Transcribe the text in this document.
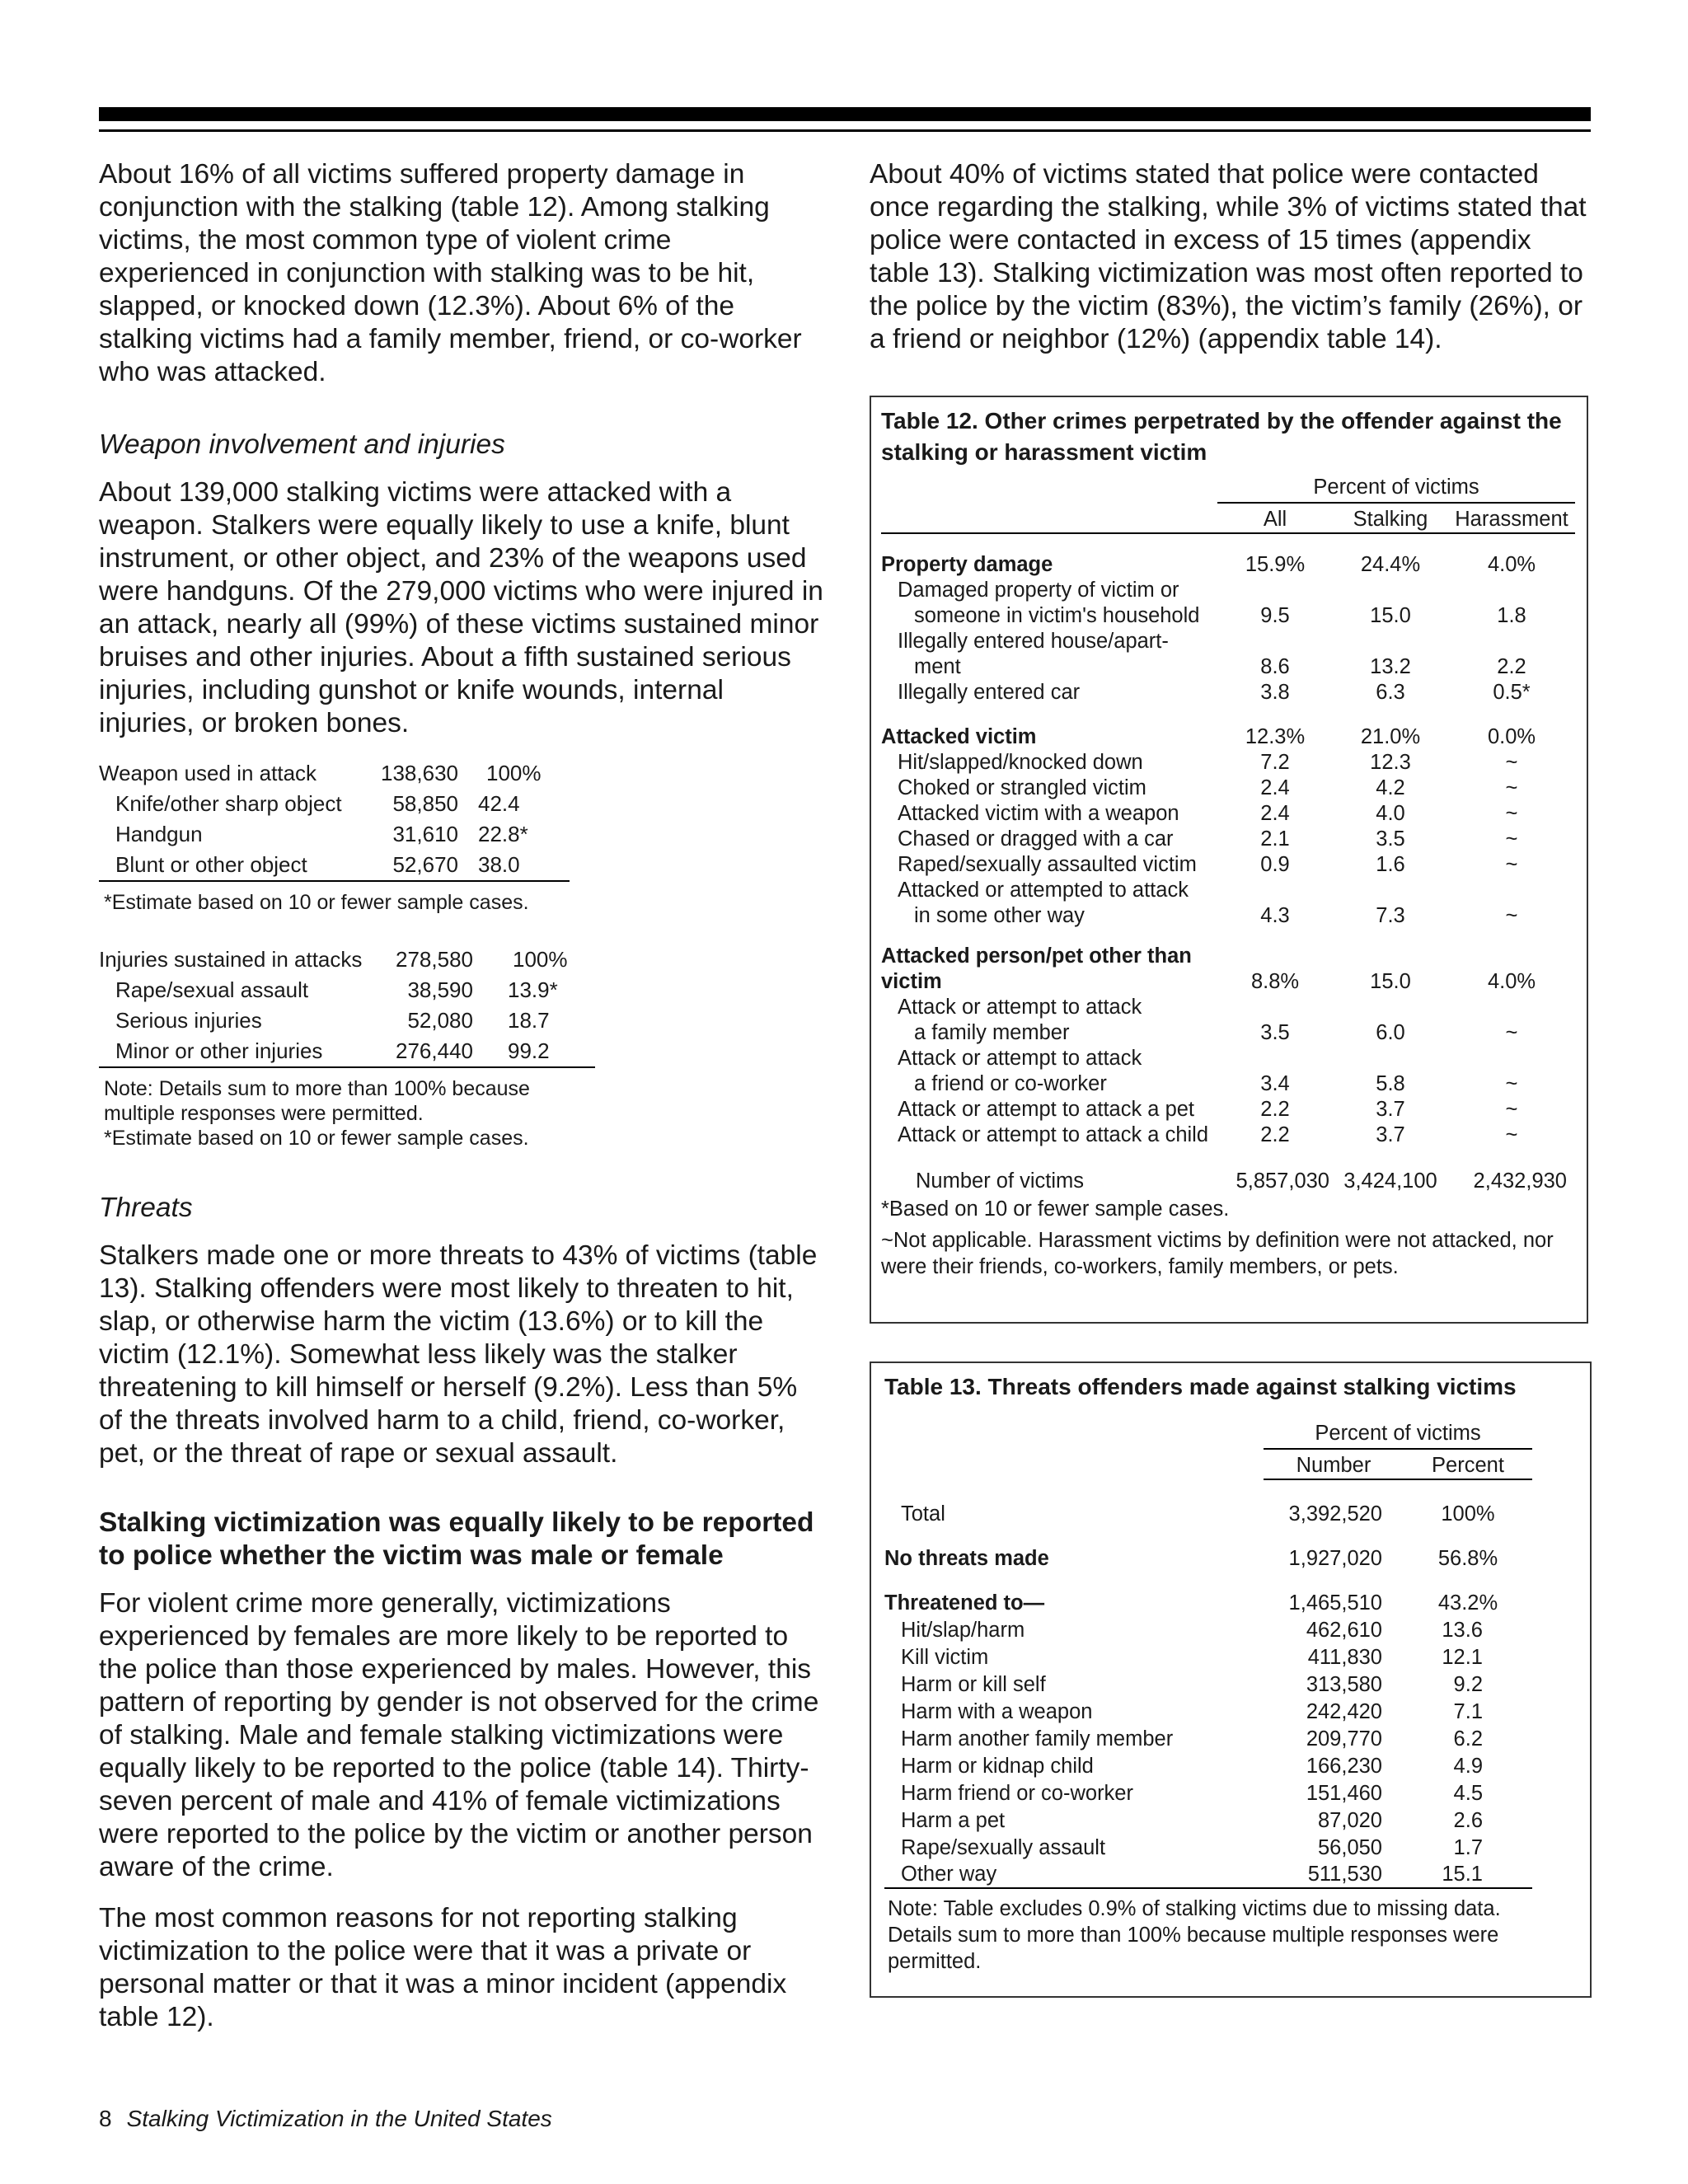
About 16% of all victims suffered property damage in conjunction with the stalking (table 12). Among stalking victims, the most common type of violent crime experienced in conjunction with stalking was to be hit, slapped, or knocked down (12.3%). About 6% of the stalking victims had a family member, friend, or co-worker who was attacked.

Weapon involvement and injuries

About 139,000 stalking victims were attacked with a weapon. Stalkers were equally likely to use a knife, blunt instrument, or other object, and 23% of the weapons used were handguns. Of the 279,000 victims who were injured in an attack, nearly all (99%) of these victims sustained minor bruises and other injuries. About a fifth sustained serious injuries, including gunshot or knife wounds, internal injuries, or broken bones.

Weapon used in attack	138,630	100%
Knife/other sharp object	58,850	42.4
Handgun	31,610	22.8*
Blunt or other object	52,670	38.0
*Estimate based on 10 or fewer sample cases.
Injuries sustained in attacks	278,580	100%
Rape/sexual assault	38,590	13.9*
Serious injuries	52,080	18.7
Minor or other injuries	276,440	99.2
Note: Details sum to more than 100% because multiple responses were permitted.
*Estimate based on 10 or fewer sample cases.
Threats

Stalkers made one or more threats to 43% of victims (table 13). Stalking offenders were most likely to threaten to hit, slap, or otherwise harm the victim (13.6%) or to kill the victim (12.1%). Somewhat less likely was the stalker threatening to kill himself or herself (9.2%). Less than 5% of the threats involved harm to a child, friend, co-worker, pet, or the threat of rape or sexual assault.

Stalking victimization was equally likely to be reported to police whether the victim was male or female

For violent crime more generally, victimizations experienced by females are more likely to be reported to the police than those experienced by males. However, this pattern of reporting by gender is not observed for the crime of stalking. Male and female stalking victimizations were equally likely to be reported to the police (table 14). Thirty-seven percent of male and 41% of female victimizations were reported to the police by the victim or another person aware of the crime.

The most common reasons for not reporting stalking victimization to the police were that it was a private or personal matter or that it was a minor incident (appendix table 12).

About 40% of victims stated that police were contacted once regarding the stalking, while 3% of victims stated that police were contacted in excess of 15 times (appendix table 13). Stalking victimization was most often reported to the police by the victim (83%), the victim’s family (26%), or a friend or neighbor (12%) (appendix table 14).

Table 12. Other crimes perpetrated by the offender against the stalking or harassment victim
	Percent of victims		
	All	Stalking	Harassment
Property damage	15.9%	24.4%	4.0%

Damaged property of victim or
someone in victim's household	9.5	15.0	1.8

Illegally entered house/apart-
ment	8.6	13.2	2.2
Illegally entered car	3.8	6.3	0.5*
Attacked victim	12.3%	21.0%	0.0%
Hit/slapped/knocked down	7.2	12.3	~
Choked or strangled victim	2.4	4.2	~
Attacked victim with a weapon	2.4	4.0	~
Chased or dragged with a car	2.1	3.5	~
Raped/sexually assaulted victim	0.9	1.6	~

Attacked or attempted to attack
in some other way	4.3	7.3	~

Attacked person/pet other than
victim	8.8%	15.0	4.0%

Attack or attempt to attack
a family member	3.5	6.0	~

Attack or attempt to attack
a friend or co-worker	3.4	5.8	~
Attack or attempt to attack a pet	2.2	3.7	~
Attack or attempt to attack a child	2.2	3.7	~
Number of victims	5,857,030	3,424,100	2,432,930
*Based on 10 or fewer sample cases.
~Not applicable. Harassment victims by definition were not attacked, nor were their friends, co-workers, family members, or pets.
Table 13. Threats offenders made against stalking victims
	Percent of victims	
	Number	Percent
Total	3,392,520	100%
No threats made	1,927,020	56.8%
Threatened to—	1,465,510	43.2%
Hit/slap/harm	462,610	13.6
Kill victim	411,830	12.1
Harm or kill self	313,580	9.2
Harm with a weapon	242,420	7.1
Harm another family member	209,770	6.2
Harm or kidnap child	166,230	4.9
Harm friend or co-worker	151,460	4.5
Harm a pet	87,020	2.6
Rape/sexually assault	56,050	1.7
Other way	511,530	15.1
Note: Table excludes 0.9% of stalking victims due to missing data. Details sum to more than 100% because multiple responses were permitted.
8 Stalking Victimization in the United States
